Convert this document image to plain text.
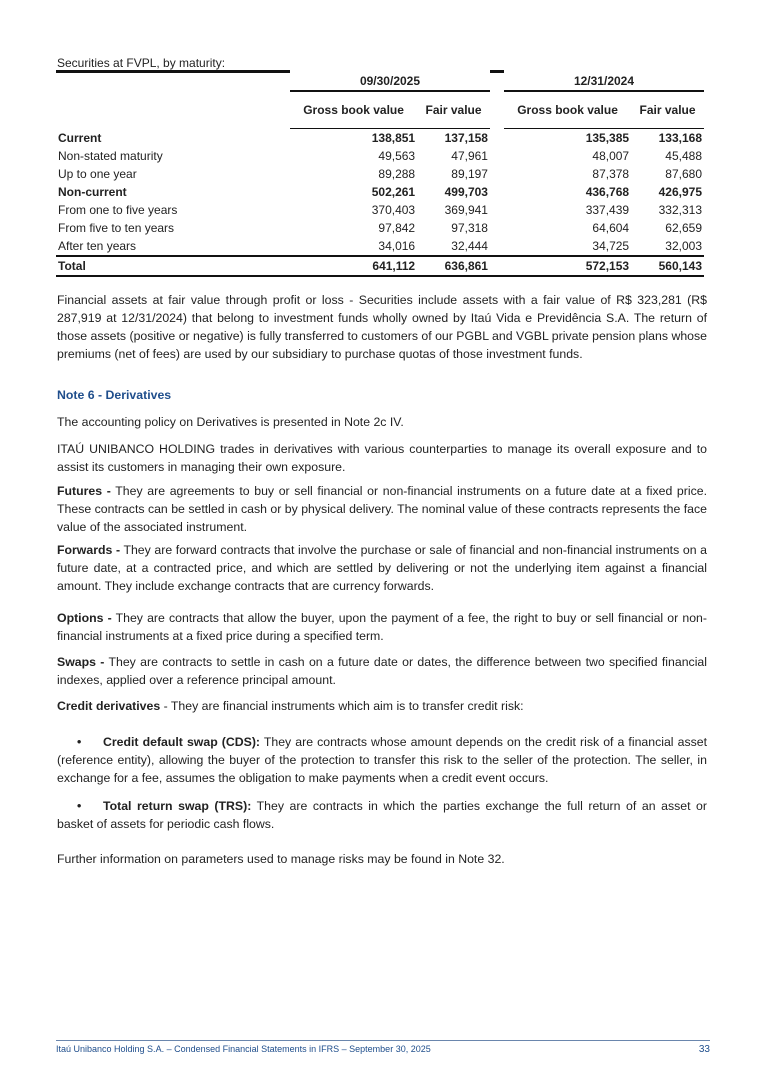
Securities at FVPL, by maturity:
	09/30/2025			12/31/2024	
	Gross book value	Fair value		Gross book value	Fair value
Current	138,851	137,158		135,385	133,168
Non-stated maturity	49,563	47,961		48,007	45,488
Up to one year	89,288	89,197		87,378	87,680
Non-current	502,261	499,703		436,768	426,975
From one to five years	370,403	369,941		337,439	332,313
From five to ten years	97,842	97,318		64,604	62,659
After ten years	34,016	32,444		34,725	32,003
Total	641,112	636,861		572,153	560,143

Financial assets at fair value through profit or loss - Securities include assets with a fair value of R$ 323,281 (R$ 287,919 at 12/31/2024) that belong to investment funds wholly owned by Itaú Vida e Previdência S.A. The return of those assets (positive or negative) is fully transferred to customers of our PGBL and VGBL private pension plans whose premiums (net of fees) are used by our subsidiary to purchase quotas of those investment funds.

Note 6 - Derivatives

The accounting policy on Derivatives is presented in Note 2c IV.

ITAÚ UNIBANCO HOLDING trades in derivatives with various counterparties to manage its overall exposure and to assist its customers in managing their own exposure.

Futures - They are agreements to buy or sell financial or non-financial instruments on a future date at a fixed price. These contracts can be settled in cash or by physical delivery. The nominal value of these contracts represents the face value of the associated instrument.

Forwards - They are forward contracts that involve the purchase or sale of financial and non-financial instruments on a future date, at a contracted price, and which are settled by delivering or not the underlying item against a financial amount. They include exchange contracts that are currency forwards.

Options - They are contracts that allow the buyer, upon the payment of a fee, the right to buy or sell financial or non-financial instruments at a fixed price during a specified term.

Swaps - They are contracts to settle in cash on a future date or dates, the difference between two specified financial indexes, applied over a reference principal amount.

Credit derivatives - They are financial instruments which aim is to transfer credit risk:

• Credit default swap (CDS): They are contracts whose amount depends on the credit risk of a financial asset (reference entity), allowing the buyer of the protection to transfer this risk to the seller of the protection. The seller, in exchange for a fee, assumes the obligation to make payments when a credit event occurs.

• Total return swap (TRS): They are contracts in which the parties exchange the full return of an asset or basket of assets for periodic cash flows.

Further information on parameters used to manage risks may be found in Note 32.

Itaú Unibanco Holding S.A. – Condensed Financial Statements in IFRS – September 30, 2025	33
